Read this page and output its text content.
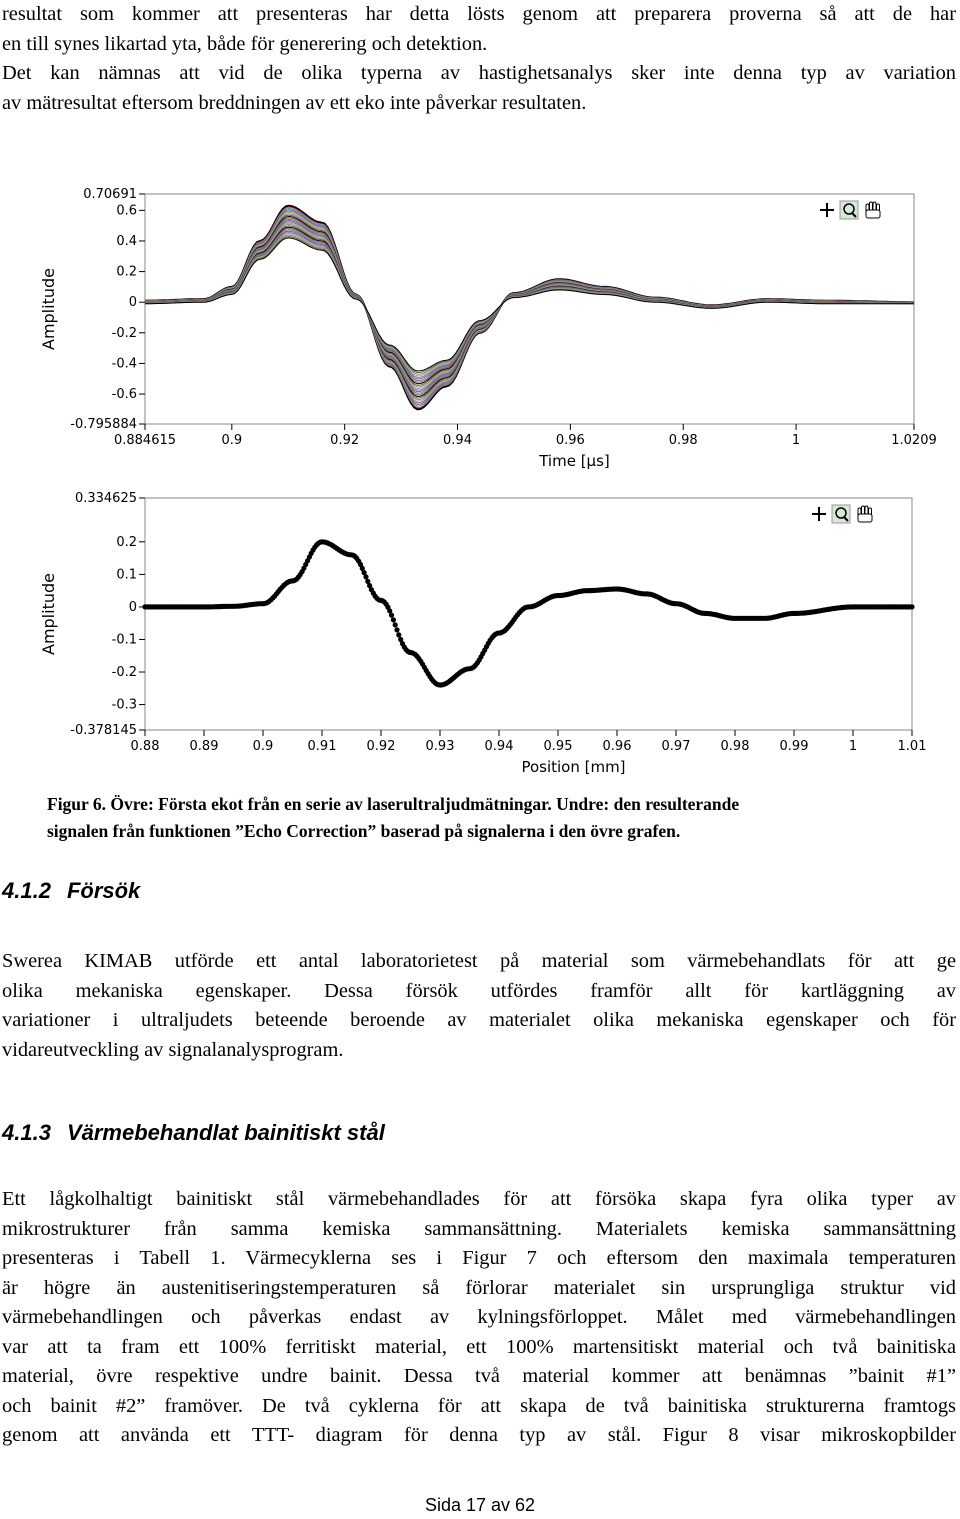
resultat som kommer att presenteras har detta lösts genom att preparera proverna så att de har
en till synes likartad yta, både för generering och detektion.
Det kan nämnas att vid de olika typerna av hastighetsanalys sker inte denna typ av variation
av mätresultat eftersom breddningen av ett eko inte påverkar resultaten.
0.70691
0.6
0.4
0.2
0
-0.2
-0.4
-0.6
-0.795884
0.884615	0.9	0.92	0.94	0.96	0.98	1	1.0209
Time [µs]
Amplitude
0.334625
0.2
0.1
0
-0.1
-0.2
-0.3
-0.378145
0.88 0.89	0.9	0.91 0.92 0.93 0.94 0.95 0.96 0.97 0.98 0.99	1	1.01
Position [mm]
Amplitude
Figur 6. Övre: Första ekot från en serie av laserultraljudmätningar. Undre: den resulterande
signalen från funktionen ”Echo Correction” baserad på signalerna i den övre grafen.
4.1.2 Försök
Swerea KIMAB utförde ett antal laboratorietest på material som värmebehandlats för att ge
olika mekaniska egenskaper. Dessa försök utfördes framför allt för kartläggning av
variationer i ultraljudets beteende beroende av materialet olika mekaniska egenskaper och för
vidareutveckling av signalanalysprogram.
4.1.3 Värmebehandlat bainitiskt stål
Ett lågkolhaltigt bainitiskt stål värmebehandlades för att försöka skapa fyra olika typer av
mikrostrukturer från samma kemiska sammansättning. Materialets kemiska sammansättning
presenteras i Tabell 1. Värmecyklerna ses i Figur 7 och eftersom den maximala temperaturen
är högre än austenitiseringstemperaturen så förlorar materialet sin ursprungliga struktur vid
värmebehandlingen och påverkas endast av kylningsförloppet. Målet med värmebehandlingen
var att ta fram ett 100% ferritiskt material, ett 100% martensitiskt material och två bainitiska
material, övre respektive undre bainit. Dessa två material kommer att benämnas ”bainit #1”
och bainit #2” framöver. De två cyklerna för att skapa de två bainitiska strukturerna framtogs
genom att använda ett TTT- diagram för denna typ av stål. Figur 8 visar mikroskopbilder
Sida 17 av 62
